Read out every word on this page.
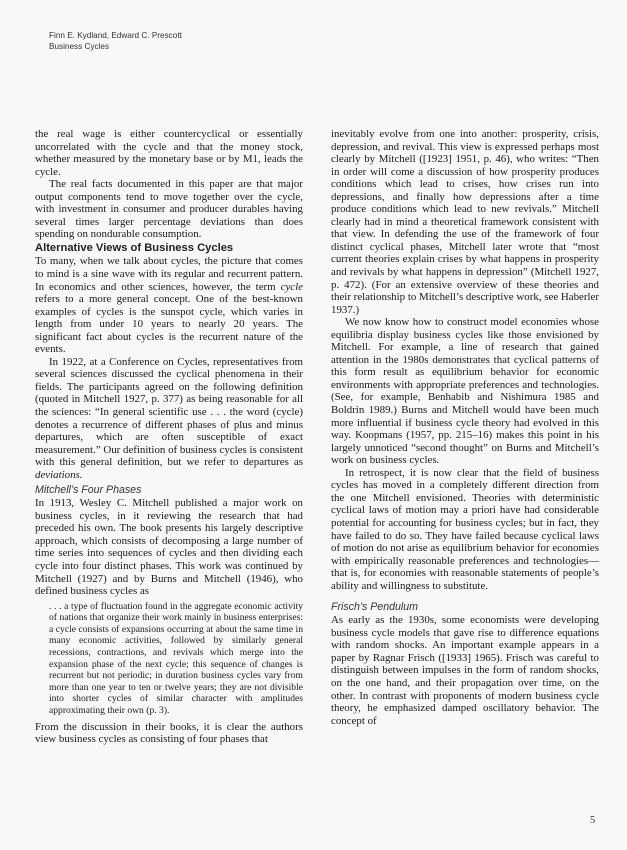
Finn E. Kydland, Edward C. Prescott
Business Cycles

the real wage is either countercyclical or essentially uncorrelated with the cycle and that the money stock, whether measured by the monetary base or by M1, leads the cycle.

The real facts documented in this paper are that major output components tend to move together over the cycle, with investment in consumer and producer durables having several times larger percentage deviations than does spending on nondurable consumption.

Alternative Views of Business Cycles

To many, when we talk about cycles, the picture that comes to mind is a sine wave with its regular and recurrent pattern. In economics and other sciences, however, the term cycle refers to a more general concept. One of the best-known examples of cycles is the sunspot cycle, which varies in length from under 10 years to nearly 20 years. The significant fact about cycles is the recurrent nature of the events.

In 1922, at a Conference on Cycles, representatives from several sciences discussed the cyclical phenomena in their fields. The participants agreed on the following definition (quoted in Mitchell 1927, p. 377) as being reasonable for all the sciences: “In general scientific use . . . the word (cycle) denotes a recurrence of different phases of plus and minus departures, which are often susceptible of exact measurement.” Our definition of business cycles is consistent with this general definition, but we refer to departures as deviations.

Mitchell’s Four Phases

In 1913, Wesley C. Mitchell published a major work on business cycles, in it reviewing the research that had preceded his own. The book presents his largely descriptive approach, which consists of decomposing a large number of time series into sequences of cycles and then dividing each cycle into four distinct phases. This work was continued by Mitchell (1927) and by Burns and Mitchell (1946), who defined business cycles as

. . . a type of fluctuation found in the aggregate economic activity of nations that organize their work mainly in business enterprises: a cycle consists of expansions occurring at about the same time in many economic activities, followed by similarly general recessions, contractions, and revivals which merge into the expansion phase of the next cycle; this sequence of changes is recurrent but not periodic; in duration business cycles vary from more than one year to ten or twelve years; they are not divisible into shorter cycles of similar character with amplitudes approximating their own (p. 3).

From the discussion in their books, it is clear the authors view business cycles as consisting of four phases that

inevitably evolve from one into another: prosperity, crisis, depression, and revival. This view is expressed perhaps most clearly by Mitchell ([1923] 1951, p. 46), who writes: “Then in order will come a discussion of how prosperity produces conditions which lead to crises, how crises run into depressions, and finally how depressions after a time produce conditions which lead to new revivals.” Mitchell clearly had in mind a theoretical framework consistent with that view. In defending the use of the framework of four distinct cyclical phases, Mitchell later wrote that “most current theories explain crises by what happens in prosperity and revivals by what happens in depression” (Mitchell 1927, p. 472). (For an extensive overview of these theories and their relationship to Mitchell’s descriptive work, see Haberler 1937.)

We now know how to construct model economies whose equilibria display business cycles like those envisioned by Mitchell. For example, a line of research that gained attention in the 1980s demonstrates that cyclical patterns of this form result as equilibrium behavior for economic environments with appropriate preferences and technologies. (See, for example, Benhabib and Nishimura 1985 and Boldrin 1989.) Burns and Mitchell would have been much more influential if business cycle theory had evolved in this way. Koopmans (1957, pp. 215–16) makes this point in his largely unnoticed “second thought” on Burns and Mitchell’s work on business cycles.

In retrospect, it is now clear that the field of business cycles has moved in a completely different direction from the one Mitchell envisioned. Theories with deterministic cyclical laws of motion may a priori have had considerable potential for accounting for business cycles; but in fact, they have failed to do so. They have failed because cyclical laws of motion do not arise as equilibrium behavior for economies with empirically reasonable preferences and technologies—that is, for economies with reasonable statements of people’s ability and willingness to substitute.

Frisch’s Pendulum

As early as the 1930s, some economists were developing business cycle models that gave rise to difference equations with random shocks. An important example appears in a paper by Ragnar Frisch ([1933] 1965). Frisch was careful to distinguish between impulses in the form of random shocks, on the one hand, and their propagation over time, on the other. In contrast with proponents of modern business cycle theory, he emphasized damped oscillatory behavior. The concept of

5
